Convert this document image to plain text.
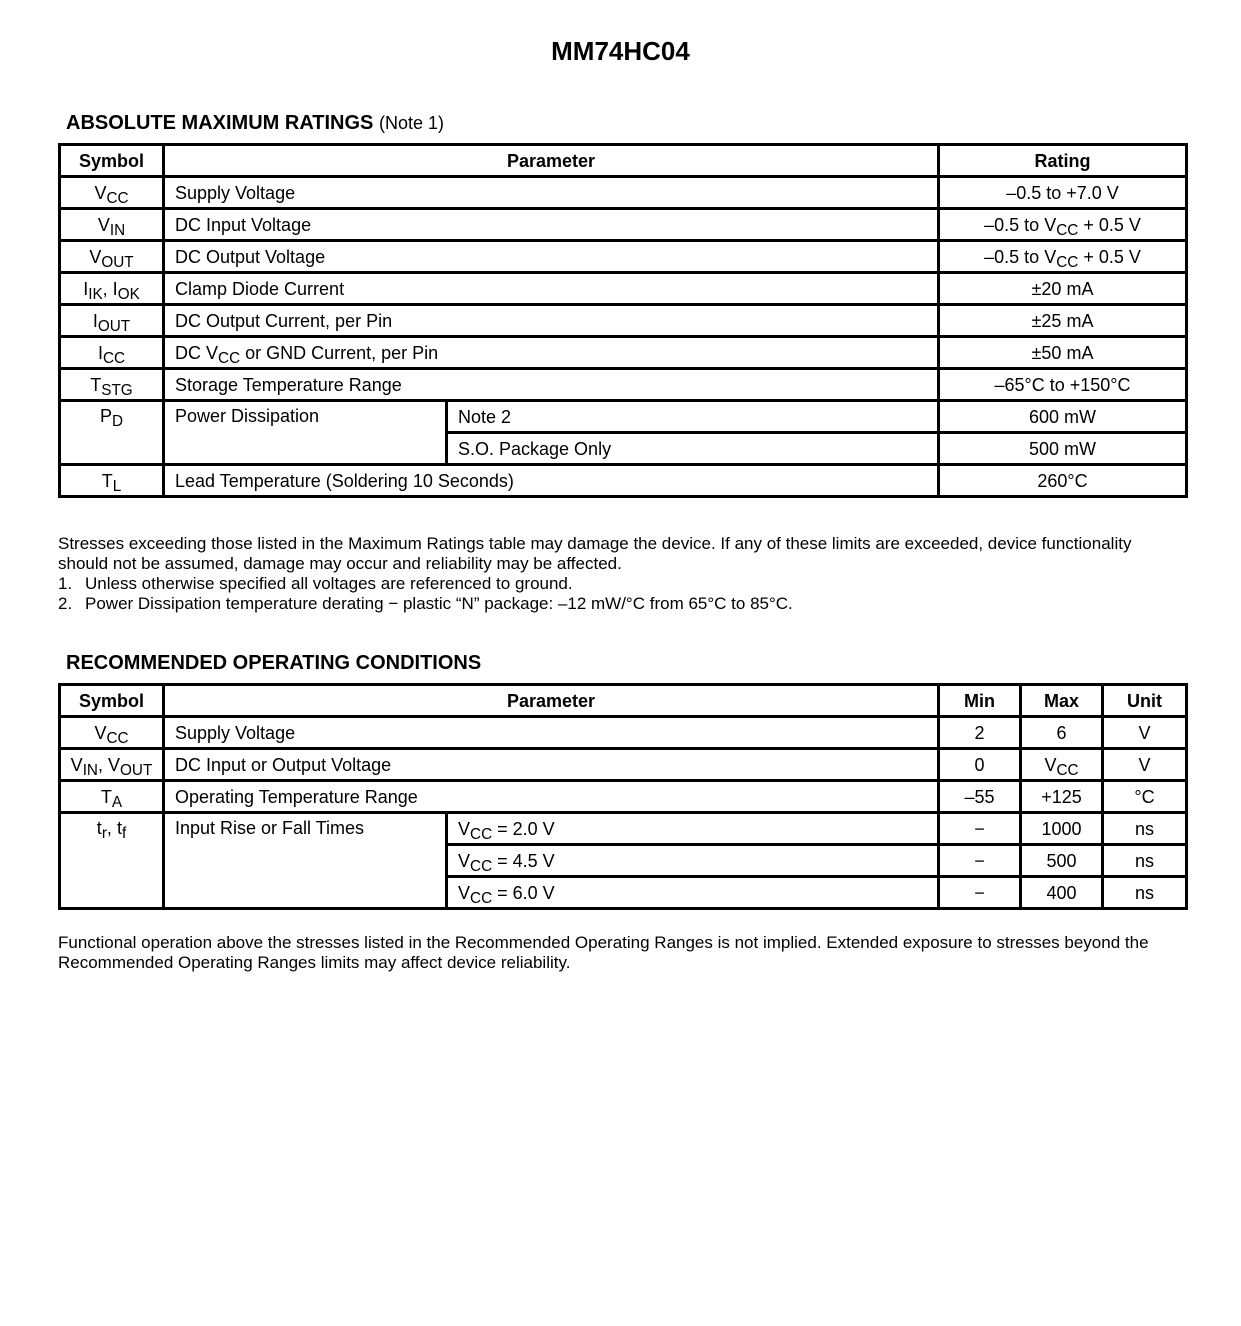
MM74HC04
ABSOLUTE MAXIMUM RATINGS (Note 1)
Symbol	Parameter		Rating
$V_{CC}$	Supply Voltage		–0.5 to +7.0 V
$V_{IN}$	DC Input Voltage		–0.5 to $V_{CC} + 0.5$ V
$V_{OUT}$	DC Output Voltage		–0.5 to $V_{CC} + 0.5$ V
$I_{IK}$, $I_{OK}$	Clamp Diode Current		±20 mA
$I_{OUT}$	DC Output Current, per Pin		±25 mA
$I_{CC}$	DC $V_{CC}$ or GND Current, per Pin		±50 mA
$T_{STG}$	Storage Temperature Range		–65°C to +150°C
$P_D$	Power Dissipation	Note 2	600 mW
		S.O. Package Only	500 mW
$T_L$	Lead Temperature (Soldering 10 Seconds)		260°C

Stresses exceeding those listed in the Maximum Ratings table may damage the device. If any of these limits are exceeded, device functionality should not be assumed, damage may occur and reliability may be affected.

1. Unless otherwise specified all voltages are referenced to ground.
2. Power Dissipation temperature derating − plastic “N” package: –12 mW/°C from 65°C to 85°C.
RECOMMENDED OPERATING CONDITIONS
Symbol	Parameter		Min	Max	Unit
$V_{CC}$	Supply Voltage		2	6	V
$V_{IN}$, $V_{OUT}$	DC Input or Output Voltage		0	$V_{CC}$	V
$T_A$	Operating Temperature Range		–55	+125	°C
$t_r$, $t_f$	Input Rise or Fall Times	$V_{CC} = 2.0$ V	−	1000	ns
		$V_{CC} = 4.5$ V	−	500	ns
		$V_{CC} = 6.0$ V	−	400	ns

Functional operation above the stresses listed in the Recommended Operating Ranges is not implied. Extended exposure to stresses beyond the Recommended Operating Ranges limits may affect device reliability.
